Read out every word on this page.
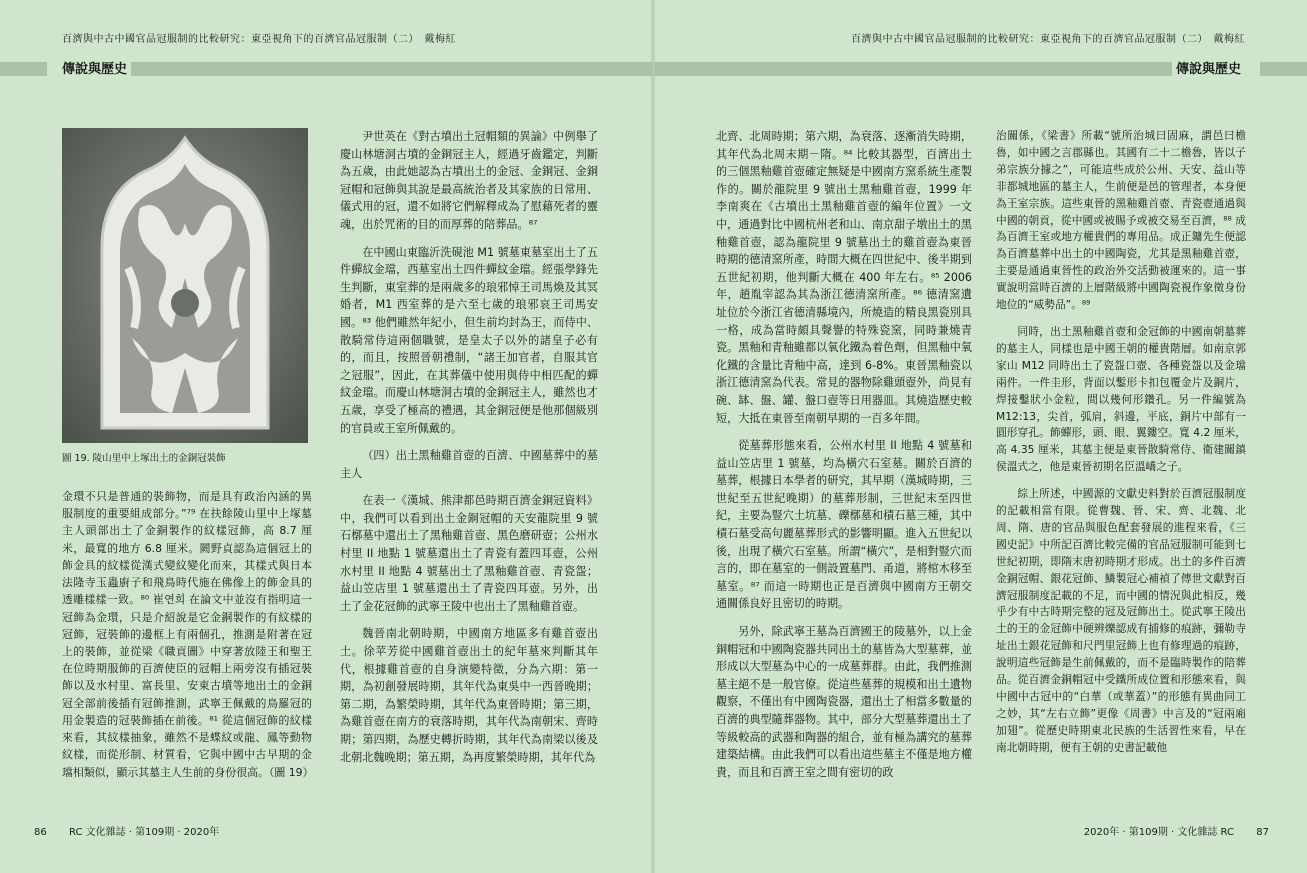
百濟與中古中國官品冠服制的比較研究：東亞視角下的百濟官品冠服制（二）　戴梅紅
傳說與歷史
圖 19. 陵山里中上塚出土的金銅冠裝飾

金環不只是普通的裝飾物，而是具有政治內涵的異服制度的重要組成部分。”⁷⁹ 在扶餘陵山里中上塚墓主人頭部出土了金銅製作的紋樣冠飾，高 8.7 厘米，最寬的地方 6.8 厘米。闕野貞認為這個冠上的飾金具的紋樣從漢式變紋變化而來，其樣式與日本法隆寺玉蟲廚子和飛鳥時代施在佛像上的飾金具的透雕樣樣一致。⁸⁰ 崔연희 在論文中並沒有指明這一冠飾為金環，只是介紹說是它金銅製作的有紋樣的冠飾，冠裝飾的邊框上有兩個孔，推測是附著在冠上的裝飾，並從梁《職貢圖》中穿著放陸王和聖王在位時期服飾的百濟使臣的冠帽上兩旁沒有插冠裝飾以及水村里、富長里、安東古墳等地出土的金銅冠全部前後插有冠飾推測，武寧王佩戴的鳥羅冠的用金製造的冠裝飾插在前後。⁸¹ 從這個冠飾的紋樣來看，其紋樣抽象，雖然不是蝶紋或龍、鳳等動物紋樣，而從形制、材質看，它與中國中古早期的金璫相類似，顯示其墓主人生前的身份很高。（圖 19）

尹世英在《對古墳出土冠帽類的異論》中例舉了慶山林塘洞古墳的金銅冠主人，經過牙齒鑑定，判斷為五歲，由此她認為古墳出土的金冠、金銅冠、金銅冠帽和冠飾與其說是最高統治者及其家族的日常用、儀式用的冠，還不如將它們解釋成為了慰藉死者的靈魂，出於咒術的目的而厚葬的陪葬品。⁸⁷

在中國山東臨沂洗硯池 M1 號墓東墓室出土了五件蟬紋金璫，西墓室出土四件蟬紋金璫。經張學鋒先生判斷，東室葬的是兩歲多的琅邪悼王司馬煥及其冥婚者，M1 西室葬的是六至七歲的琅邪哀王司馬安國。⁸³ 他們雖然年紀小，但生前均封為王，而侍中、散騎常侍這兩個職號，是皇太子以外的諸皇子必有的，而且，按照晉朝禮制，“諸王加官者，自服其官之冠服”，因此，在其葬儀中使用與侍中相匹配的蟬紋金璫。而慶山林塘洞古墳的金銅冠主人，雖然也才五歲，享受了極高的禮遇，其金銅冠便是他那個級別的官員或王室所佩戴的。

（四）出土黑釉雞首壺的百濟、中國墓葬中的墓主人

在表一《漢城、熊津都邑時期百濟金銅冠資料》中，我們可以看到出土金銅冠帽的天安龍院里 9 號石槨墓中還出土了黑釉雞首壺、黑色磨研壺；公州水村里 II 地點 1 號墓還出土了青瓷有蓋四耳壺，公州水村里 II 地點 4 號墓出土了黑釉雞首壺、青瓷盌；益山笠店里 1 號墓還出土了青瓷四耳壺。另外，出土了金花冠飾的武寧王陵中也出土了黑釉雞首壺。

魏晉南北朝時期，中國南方地區多有雞首壺出土。徐苹芳從中國雞首壺出土的紀年墓來判斷其年代，根據雞首壺的自身演變特徵，分為六期：第一期，為初創發展時期，其年代為東吳中一西晉晚期；第二期，為繁榮時期，其年代為東晉時期；第三期，為雞首壺在南方的衰落時期，其年代為南朝宋、齊時期；第四期，為歷史轉折時期，其年代為南梁以後及北朝北魏晚期；第五期，為再度繁榮時期，其年代為

86 RC 文化雜誌 · 第109期 · 2020年
百濟與中古中國官品冠服制的比較研究：東亞視角下的百濟官品冠服制（二）　戴梅紅
傳說與歷史

北齊、北周時期；第六期，為衰落、逐漸消失時期，其年代為北周末期－隋。⁸⁴ 比較其器型，百濟出土的三個黑釉雞首壺確定無疑是中國南方窯系統生產製作的。關於龍院里 9 號出土黑釉雞首壺，1999 年李南爽在《古墳出土黑釉雞首壺的編年位置》一文中，通過對比中國杭州老和山、南京甜子墩出土的黑釉雞首壺，認為龍院里 9 號墓出土的雞首壺為東晉時期的德清窯所產，時間大概在四世紀中、後半期到五世紀初期，他判斷大概在 400 年左右。⁸⁵ 2006 年，趙胤宰認為其為浙江德清窯所產。⁸⁶ 德清窯遺址位於今浙江省德清縣境內，所燒造的精良黑瓷別具一格，成為當時頗具聲譽的特殊瓷窯，同時兼燒青瓷。黑釉和青釉雖都以氧化鐵為着色劑，但黑釉中氧化鐵的含量比青釉中高，達到 6-8%。東晉黑釉瓷以浙江德清窯為代表。常見的器物除雞頭壺外，尚見有碗、缽、盤、罐、盤口壺等日用器皿。其燒造歷史較短，大抵在東晉至南朝早期的一百多年間。

從墓葬形態來看，公州水村里 II 地點 4 號墓和益山笠店里 1 號墓，均為橫穴石室墓。關於百濟的墓葬，根據日本學者的研究，其早期（漢城時期，三世紀至五世紀晚期）的墓葬形制，三世紀末至四世紀，主要為豎穴土坑墓、礫槨墓和積石墓三種，其中積石墓受高句麗墓葬形式的影響明顯。進入五世紀以後，出現了橫穴石室墓。所謂“橫穴”，是相對豎穴而言的，即在墓室的一側設置墓門、甬道，將棺木移至墓室。⁸⁷ 而這一時期也正是百濟與中國南方王朝交通關係良好且密切的時期。

另外，除武寧王墓為百濟國王的陵墓外，以上金銅帽冠和中國陶瓷器共同出土的墓皆為大型墓葬，並形成以大型墓為中心的一成墓葬群。由此，我們推測墓主絕不是一般官僚。從這些墓葬的規模和出土遺物觀察，不僅出有中國陶瓷器，還出土了相當多數量的百濟的典型隨葬器物。其中，部分大型墓葬還出土了等級較高的武器和陶器的組合，並有極為講究的墓葬建築結構。由此我們可以看出這些墓主不僅是地方權貴，而且和百濟王室之間有密切的政

治關係，《梁書》所載“號所治城曰固麻，謂邑曰檐魯，如中國之言郡縣也。其國有二十二檐魯，皆以子弟宗族分據之”，可能這些成於公州、天安、益山等非都城地區的墓主人，生前便是邑的管理者，本身便為王室宗族。這些東晉的黑釉雞首壺、青瓷壺通過與中國的朝貢，從中國或被賜予或被交易至百濟，⁸⁸ 成為百濟王室或地方權貴們的專用品。成正鏞先生便認為百濟墓葬中出土的中國陶瓷，尤其是黑釉雞首壺，主要是通過東晉性的政治外交活動被運來的。這一事實說明當時百濟的上層階級將中國陶瓷視作象徵身份地位的“威勢品”。⁸⁹

同時，出土黑釉雞首壺和金冠飾的中國南朝墓葬的墓主人，同樣也是中國王朝的權貴階層。如南京郭家山 M12 同時出土了瓷盌口壺、各種瓷盌以及金璫兩件。一件圭形，背面以鏨形卡扣包覆金片及銅片，焊接鑿狀小金粒，間以幾何形鑽孔。另一件編號為 M12:13，尖首，弧肩，斜邊，平底，銅片中部有一圓形穿孔。飾蟬形，頭、眼、翼鏤空。寬 4.2 厘米，高 4.35 厘米，其墓主便是東晉散騎常侍、衛建關鎮侯溫式之，他是東晉初期名臣溫嶠之子。

綜上所述，中國源的文獻史料對於百濟冠服制度的記載相當有限。從曹魏、晉、宋、齊、北魏、北周、隋、唐的官品與服色配套發展的進程來看，《三國史記》中所記百濟比較完備的官品冠服制可能到七世紀初期，即隋末唐初時期才形成。出土的多件百濟金銅冠帽、銀花冠飾、鱗製冠心補禎了傳世文獻對百濟冠服制度記載的不足，而中國的情況與此相反，幾乎少有中古時期完整的冠及冠飾出土。從武寧王陵出土的王的金冠飾中硬辨爍認成有捕修的痕跡，彌勒寺址出土銀花冠飾和尺門里冠飾上也有修理過的痕跡，說明這些冠飾是生前佩戴的，而不是臨時製作的陪葬品。從百濟金銅帽冠中受鐵所成位置和形態來看，與中國中古冠中的“白華（或華蓋）”的形態有異曲同工之妙，其“左右立飾”更像《周書》中言及的“冠兩廂加翅”。從歷史時期東北民族的生活習性來看，早在南北朝時期，便有王朝的史書記載他

2020年 · 第109期 · 文化雜誌 RC 87
